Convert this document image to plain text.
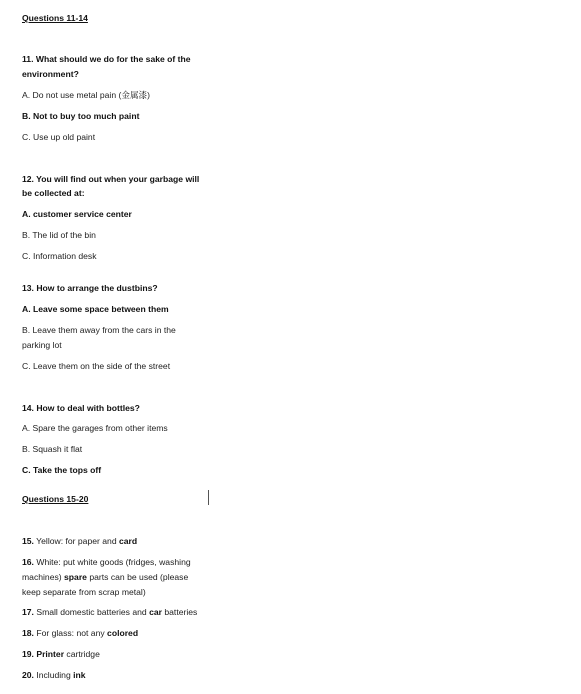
Questions 11-14
11. What should we do for the sake of the
environment?
A. Do not use metal pain (金属漆)
B. Not to buy too much paint
C. Use up old paint
12. You will find out when your garbage will
be collected at:
A. customer service center
B. The lid of the bin
C. Information desk
13. How to arrange the dustbins?
A. Leave some space between them
B. Leave them away from the cars in the
parking lot
C. Leave them on the side of the street
14. How to deal with bottles?
A. Spare the garages from other items
B. Squash it flat
C. Take the tops off
Questions 15-20
15. Yellow: for paper and card
16. White: put white goods (fridges, washing
machines) spare parts can be used (please
keep separate from scrap metal)
17. Small domestic batteries and car batteries
18. For glass: not any colored
19. Printer cartridge
20. Including ink
